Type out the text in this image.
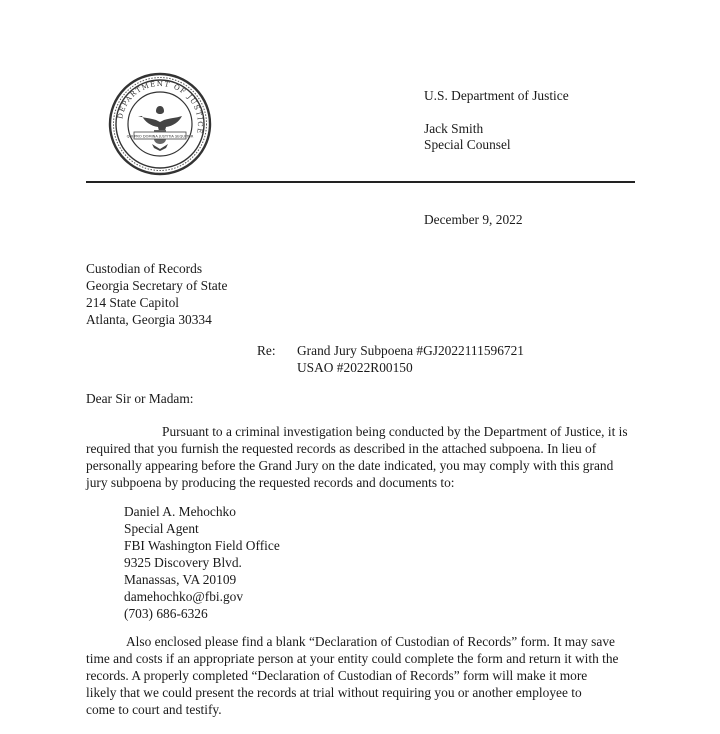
DEPARTMENT OF JUSTICE
QUI PRO DOMINA JUSTITIA SEQUITUR
U.S. Department of Justice
Jack Smith
Special Counsel
December 9, 2022
Custodian of Records
Georgia Secretary of State
214 State Capitol
Atlanta, Georgia 30334
Re: Grand Jury Subpoena #GJ2022111596721
USAO #2022R00150
Dear Sir or Madam:
Pursuant to a criminal investigation being conducted by the Department of Justice, it is
required that you furnish the requested records as described in the attached subpoena. In lieu of
personally appearing before the Grand Jury on the date indicated, you may comply with this grand
jury subpoena by producing the requested records and documents to:
Daniel A. Mehochko
Special Agent
FBI Washington Field Office
9325 Discovery Blvd.
Manassas, VA 20109
damehochko@fbi.gov
(703) 686-6326
Also enclosed please find a blank “Declaration of Custodian of Records” form. It may save
time and costs if an appropriate person at your entity could complete the form and return it with the
records. A properly completed “Declaration of Custodian of Records” form will make it more
likely that we could present the records at trial without requiring you or another employee to
come to court and testify.
